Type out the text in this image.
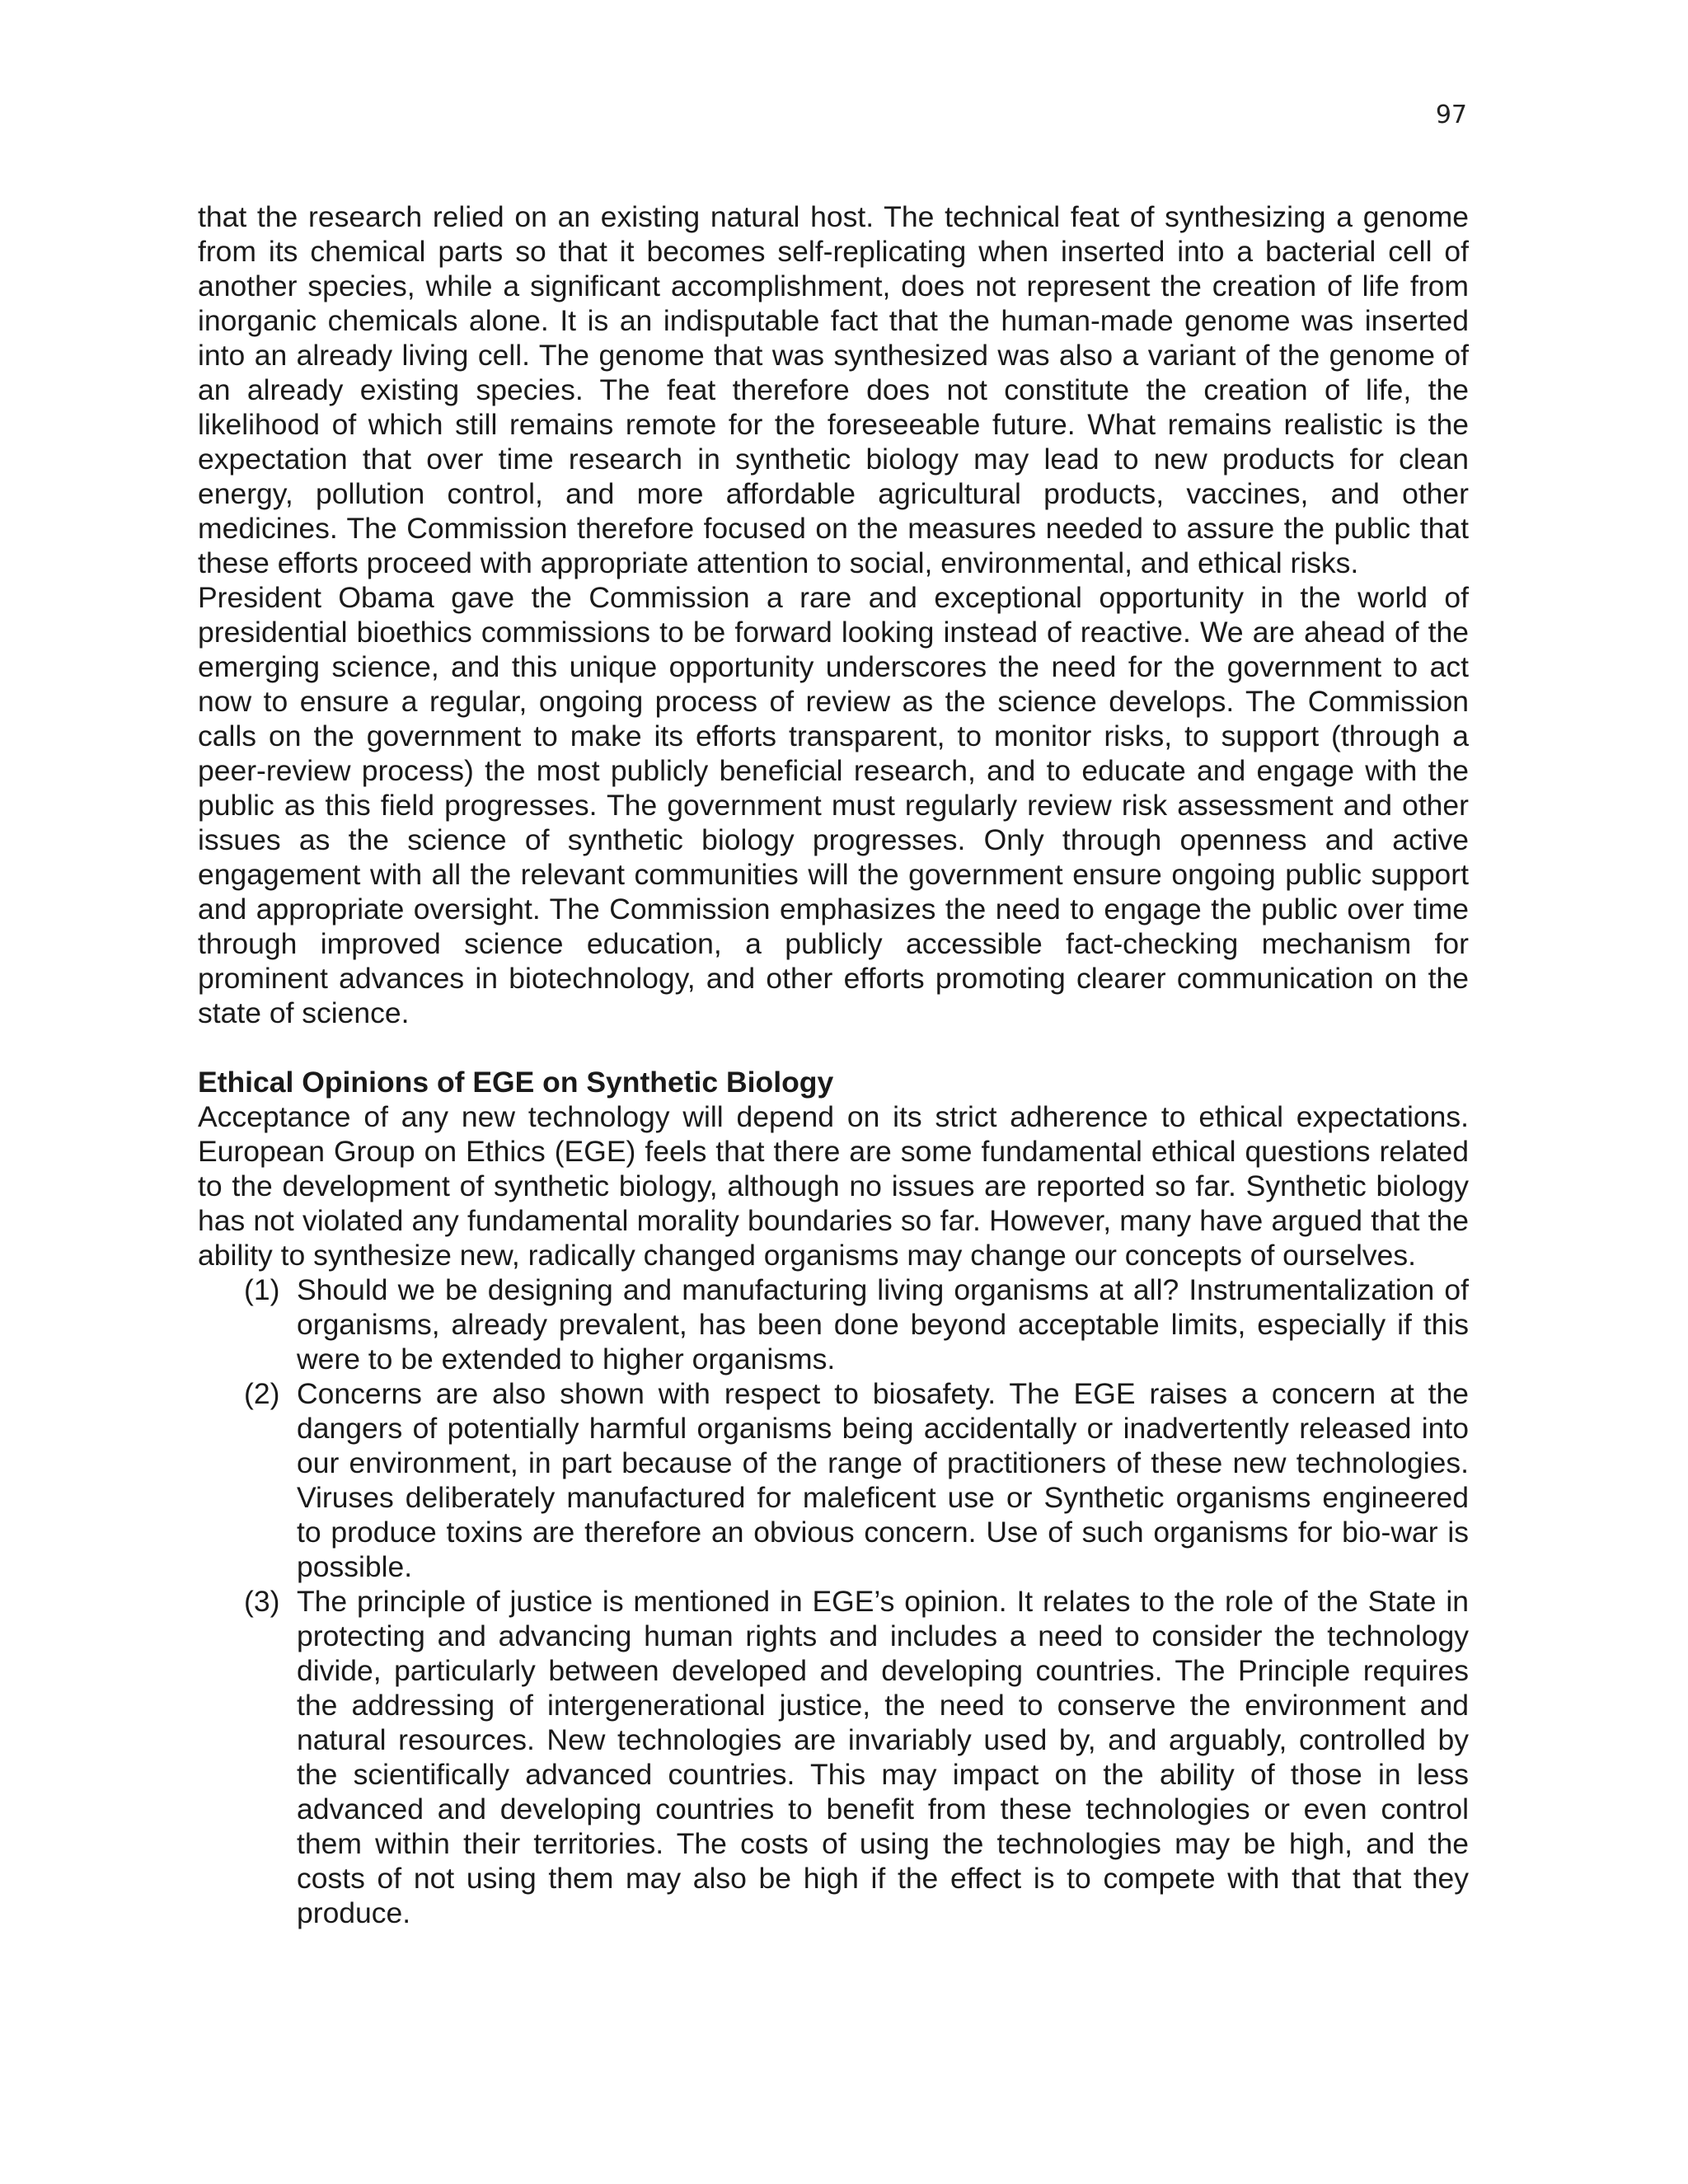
97

that the research relied on an existing natural host. The technical feat of synthesizing a genome from its chemical parts so that it becomes self-replicating when inserted into a bacterial cell of another species, while a significant accomplishment, does not represent the creation of life from inorganic chemicals alone. It is an indisputable fact that the human-made genome was inserted into an already living cell. The genome that was synthesized was also a variant of the genome of an already existing species. The feat therefore does not constitute the creation of life, the likelihood of which still remains remote for the foreseeable future. What remains realistic is the expectation that over time research in synthetic biology may lead to new products for clean energy, pollution control, and more affordable agricultural products, vaccines, and other medicines. The Commission therefore focused on the measures needed to assure the public that these efforts proceed with appropriate attention to social, environmental, and ethical risks.

President Obama gave the Commission a rare and exceptional opportunity in the world of presidential bioethics commissions to be forward looking instead of reactive. We are ahead of the emerging science, and this unique opportunity underscores the need for the government to act now to ensure a regular, ongoing process of review as the science develops. The Commission calls on the government to make its efforts transparent, to monitor risks, to support (through a peer-review process) the most publicly beneficial research, and to educate and engage with the public as this field progresses. The government must regularly review risk assessment and other issues as the science of synthetic biology progresses. Only through openness and active engagement with all the relevant communities will the government ensure ongoing public support and appropriate oversight. The Commission emphasizes the need to engage the public over time through improved science education, a publicly accessible fact-checking mechanism for prominent advances in biotechnology, and other efforts promoting clearer communication on the state of science.

Ethical Opinions of EGE on Synthetic Biology

Acceptance of any new technology will depend on its strict adherence to ethical expectations. European Group on Ethics (EGE) feels that there are some fundamental ethical questions related to the development of synthetic biology, although no issues are reported so far. Synthetic biology has not violated any fundamental morality boundaries so far. However, many have argued that the ability to synthesize new, radically changed organisms may change our concepts of ourselves.

(1) Should we be designing and manufacturing living organisms at all? Instrumentalization of organisms, already prevalent, has been done beyond acceptable limits, especially if this were to be extended to higher organisms.
(2) Concerns are also shown with respect to biosafety. The EGE raises a concern at the dangers of potentially harmful organisms being accidentally or inadvertently released into our environment, in part because of the range of practitioners of these new technologies. Viruses deliberately manufactured for maleficent use or Synthetic organisms engineered to produce toxins are therefore an obvious concern. Use of such organisms for bio-war is possible.
(3) The principle of justice is mentioned in EGE’s opinion. It relates to the role of the State in protecting and advancing human rights and includes a need to consider the technology divide, particularly between developed and developing countries. The Principle requires the addressing of intergenerational justice, the need to conserve the environment and natural resources. New technologies are invariably used by, and arguably, controlled by the scientifically advanced countries. This may impact on the ability of those in less advanced and developing countries to benefit from these technologies or even control them within their territories. The costs of using the technologies may be high, and the costs of not using them may also be high if the effect is to compete with that that they produce.
